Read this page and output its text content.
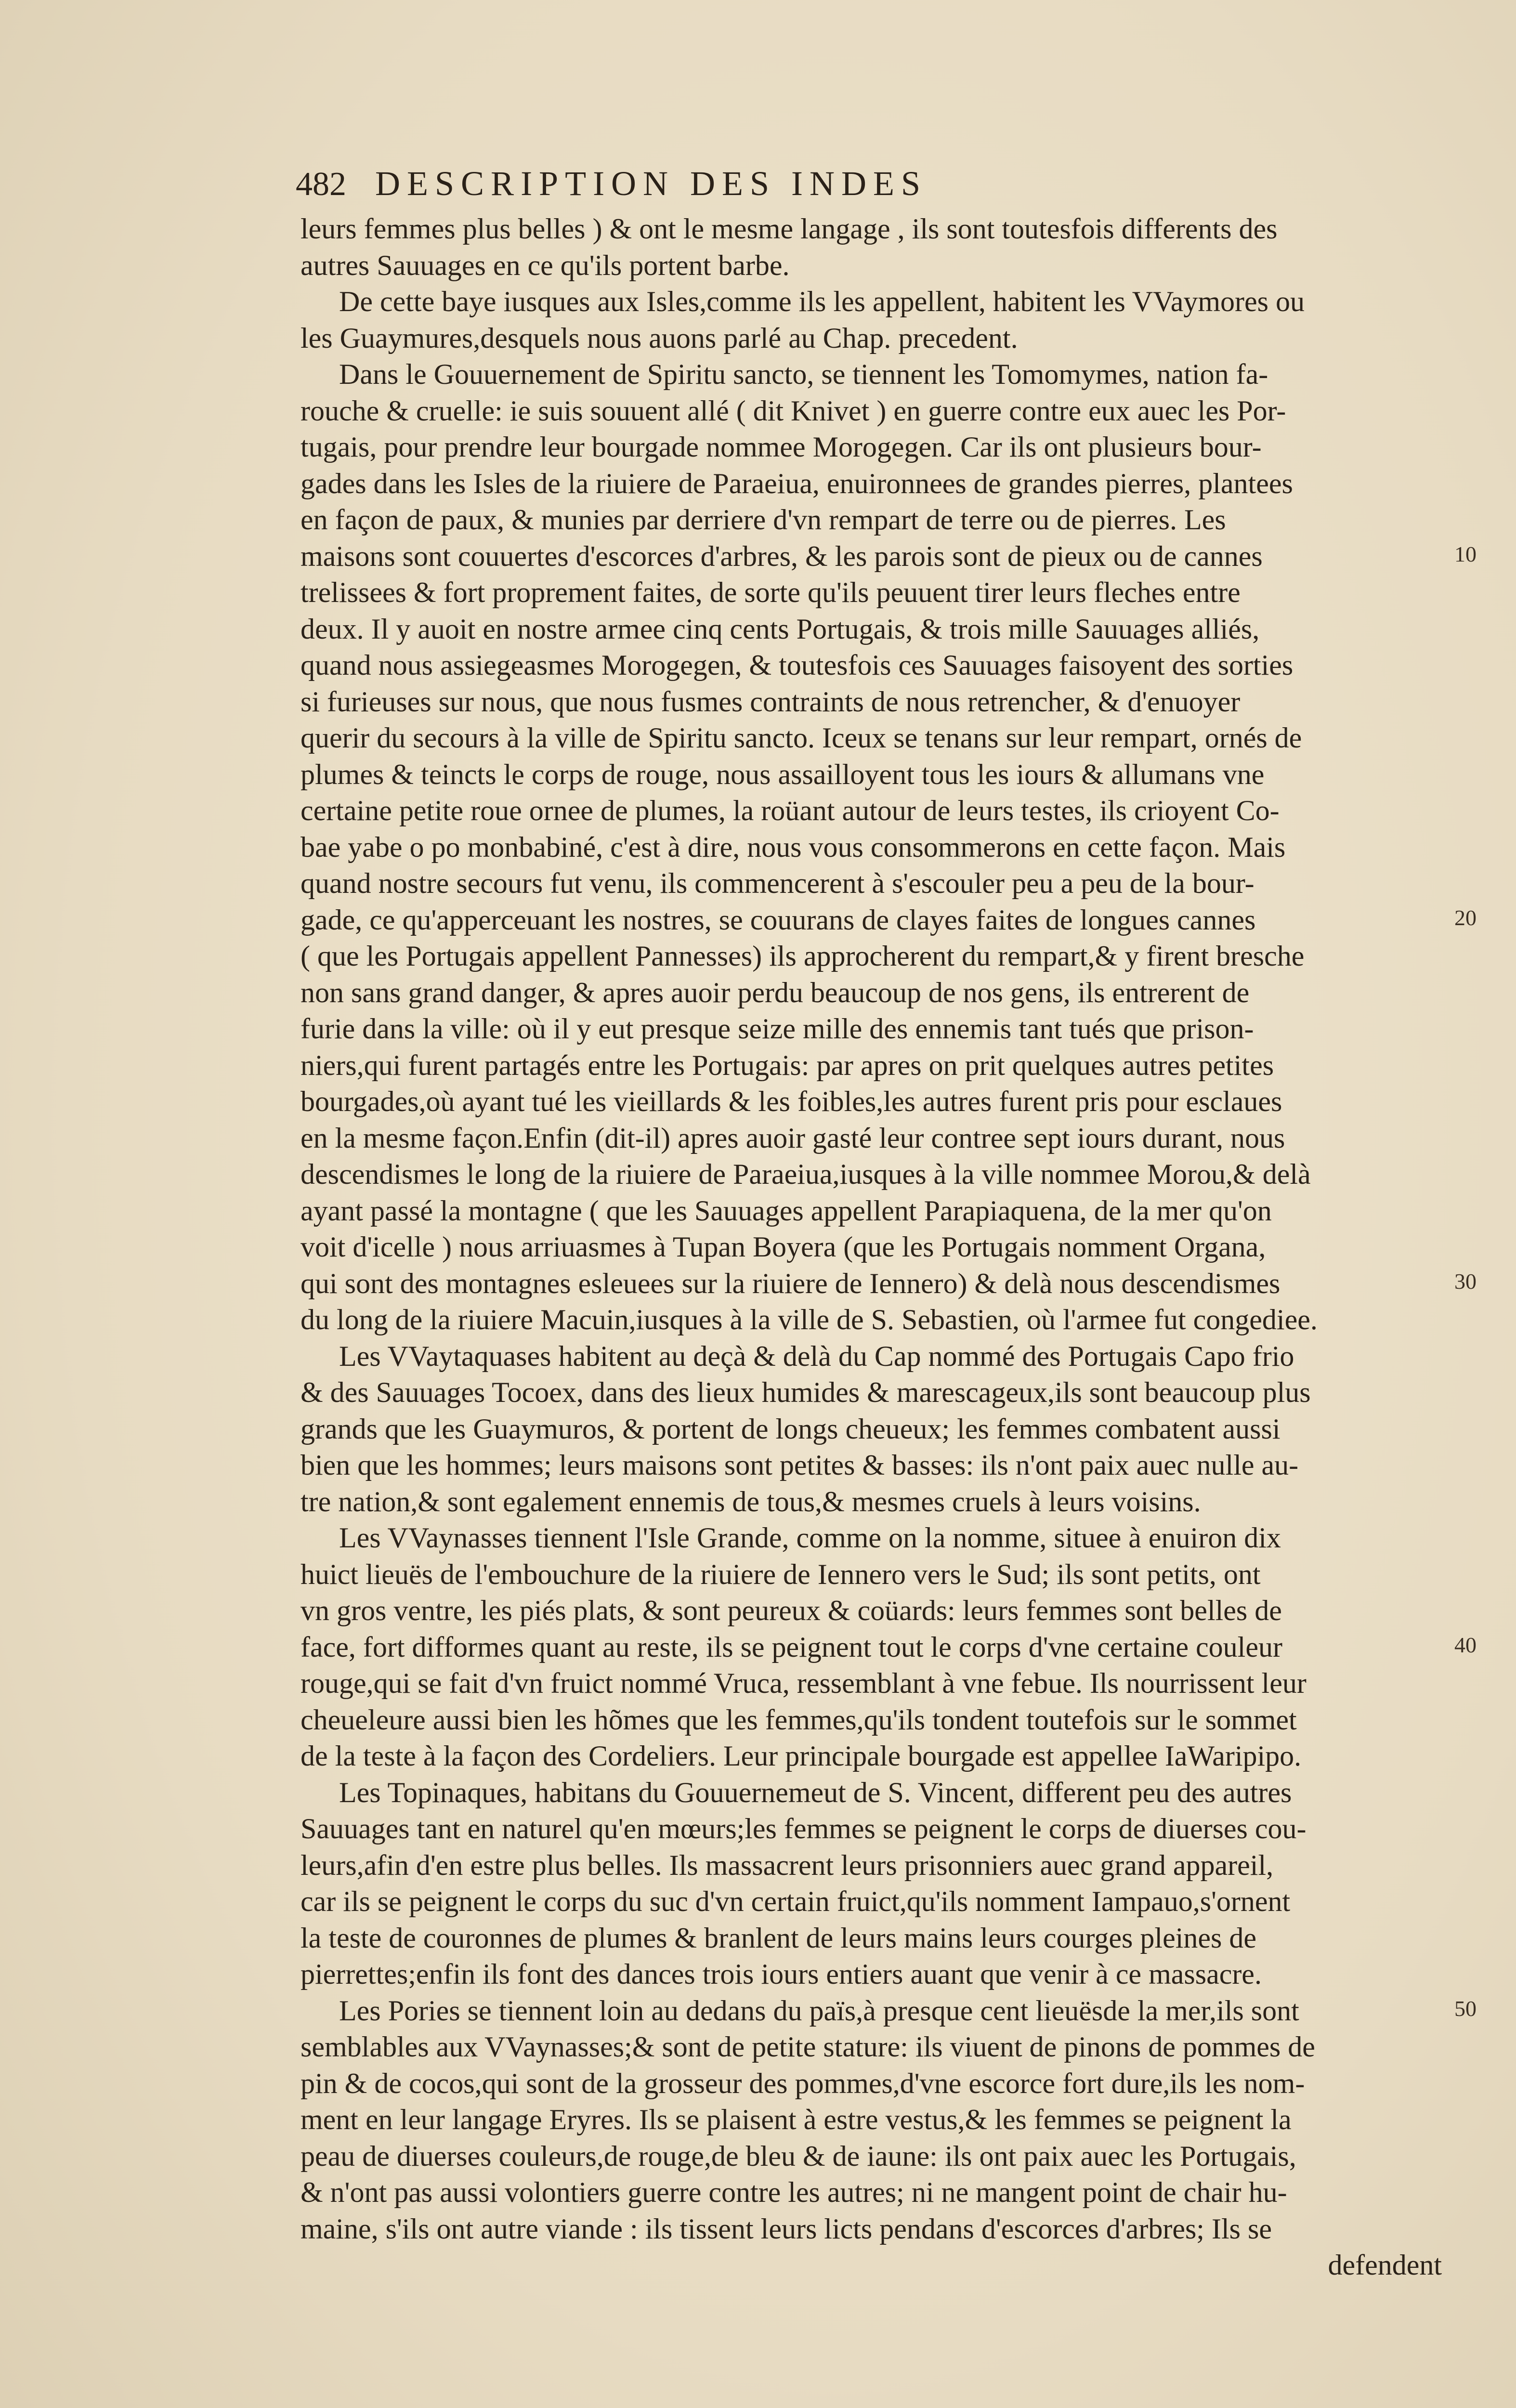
482 DESCRIPTION DES INDES
leurs femmes plus belles ) & ont le mesme langage , ils sont toutesfois differents des
autres Sauuages en ce qu'ils portent barbe.
De cette baye iusques aux Isles,comme ils les appellent, habitent les VVaymores ou
les Guaymures,desquels nous auons parlé au Chap. precedent.
Dans le Gouuernement de Spiritu sancto, se tiennent les Tomomymes, nation fa-
rouche & cruelle: ie suis souuent allé ( dit Knivet ) en guerre contre eux auec les Por-
tugais, pour prendre leur bourgade nommee Morogegen. Car ils ont plusieurs bour-
gades dans les Isles de la riuiere de Paraeiua, enuironnees de grandes pierres, plantees
en façon de paux, & munies par derriere d'vn rempart de terre ou de pierres. Les
maisons sont couuertes d'escorces d'arbres, & les parois sont de pieux ou de cannes
trelissees & fort proprement faites, de sorte qu'ils peuuent tirer leurs fleches entre
deux. Il y auoit en nostre armee cinq cents Portugais, & trois mille Sauuages alliés,
quand nous assiegeasmes Morogegen, & toutesfois ces Sauuages faisoyent des sorties
si furieuses sur nous, que nous fusmes contraints de nous retrencher, & d'enuoyer
querir du secours à la ville de Spiritu sancto. Iceux se tenans sur leur rempart, ornés de
plumes & teincts le corps de rouge, nous assailloyent tous les iours & allumans vne
certaine petite roue ornee de plumes, la roüant autour de leurs testes, ils crioyent Co-
bae yabe o po monbabiné, c'est à dire, nous vous consommerons en cette façon. Mais
quand nostre secours fut venu, ils commencerent à s'escouler peu a peu de la bour-
gade, ce qu'apperceuant les nostres, se couurans de clayes faites de longues cannes
( que les Portugais appellent Pannesses) ils approcherent du rempart,& y firent bresche
non sans grand danger, & apres auoir perdu beaucoup de nos gens, ils entrerent de
furie dans la ville: où il y eut presque seize mille des ennemis tant tués que prison-
niers,qui furent partagés entre les Portugais: par apres on prit quelques autres petites
bourgades,où ayant tué les vieillards & les foibles,les autres furent pris pour esclaues
en la mesme façon.Enfin (dit-il) apres auoir gasté leur contree sept iours durant, nous
descendismes le long de la riuiere de Paraeiua,iusques à la ville nommee Morou,& delà
ayant passé la montagne ( que les Sauuages appellent Parapiaquena, de la mer qu'on
voit d'icelle ) nous arriuasmes à Tupan Boyera (que les Portugais nomment Organa,
qui sont des montagnes esleuees sur la riuiere de Iennero) & delà nous descendismes
du long de la riuiere Macuin,iusques à la ville de S. Sebastien, où l'armee fut congediee.
Les VVaytaquases habitent au deçà & delà du Cap nommé des Portugais Capo frio
& des Sauuages Tocoex, dans des lieux humides & marescageux,ils sont beaucoup plus
grands que les Guaymuros, & portent de longs cheueux; les femmes combatent aussi
bien que les hommes; leurs maisons sont petites & basses: ils n'ont paix auec nulle au-
tre nation,& sont egalement ennemis de tous,& mesmes cruels à leurs voisins.
Les VVaynasses tiennent l'Isle Grande, comme on la nomme, situee à enuiron dix
huict lieuës de l'embouchure de la riuiere de Iennero vers le Sud; ils sont petits, ont
vn gros ventre, les piés plats, & sont peureux & coüards: leurs femmes sont belles de
face, fort difformes quant au reste, ils se peignent tout le corps d'vne certaine couleur
rouge,qui se fait d'vn fruict nommé Vruca, ressemblant à vne febue. Ils nourrissent leur
cheueleure aussi bien les hõmes que les femmes,qu'ils tondent toutefois sur le sommet
de la teste à la façon des Cordeliers. Leur principale bourgade est appellee IaWaripipo.
Les Topinaques, habitans du Gouuernemeut de S. Vincent, different peu des autres
Sauuages tant en naturel qu'en mœurs;les femmes se peignent le corps de diuerses cou-
leurs,afin d'en estre plus belles. Ils massacrent leurs prisonniers auec grand appareil,
car ils se peignent le corps du suc d'vn certain fruict,qu'ils nomment Iampauo,s'ornent
la teste de couronnes de plumes & branlent de leurs mains leurs courges pleines de
pierrettes;enfin ils font des dances trois iours entiers auant que venir à ce massacre.
Les Pories se tiennent loin au dedans du païs,à presque cent lieuësde la mer,ils sont
semblables aux VVaynasses;& sont de petite stature: ils viuent de pinons de pommes de
pin & de cocos,qui sont de la grosseur des pommes,d'vne escorce fort dure,ils les nom-
ment en leur langage Eryres. Ils se plaisent à estre vestus,& les femmes se peignent la
peau de diuerses couleurs,de rouge,de bleu & de iaune: ils ont paix auec les Portugais,
& n'ont pas aussi volontiers guerre contre les autres; ni ne mangent point de chair hu-
maine, s'ils ont autre viande : ils tissent leurs licts pendans d'escorces d'arbres; Ils se
defendent
10
20
30
40
50
